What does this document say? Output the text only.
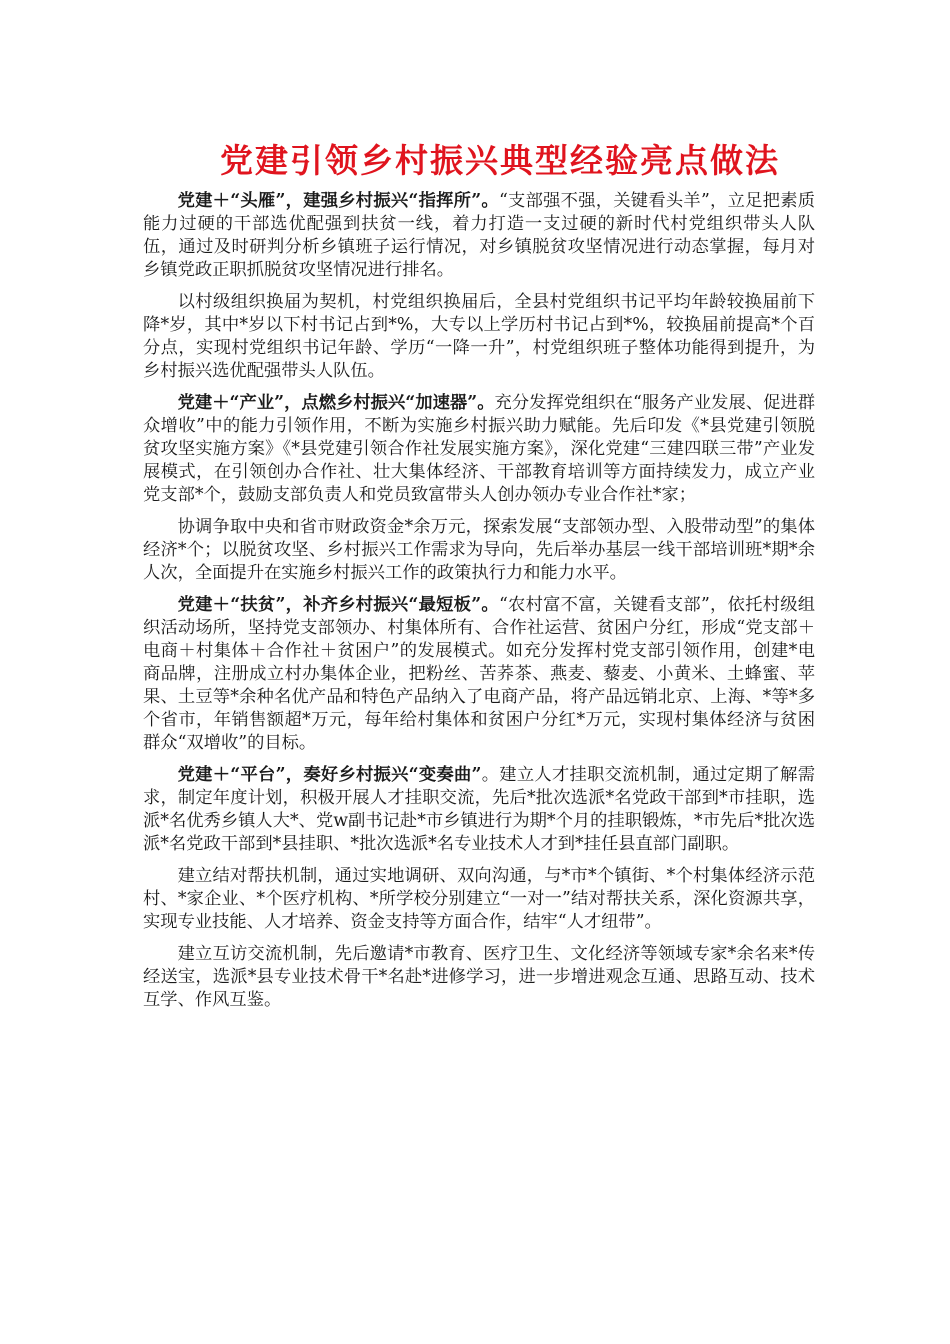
党建引领乡村振兴典型经验亮点做法

党建＋“头雁”，建强乡村振兴“指挥所”。“支部强不强，关键看头羊”，立足把素质能力过硬的干部选优配强到扶贫一线，着力打造一支过硬的新时代村党组织带头人队伍，通过及时研判分析乡镇班子运行情况，对乡镇脱贫攻坚情况进行动态掌握，每月对乡镇党政正职抓脱贫攻坚情况进行排名。

以村级组织换届为契机，村党组织换届后，全县村党组织书记平均年龄较换届前下降*岁，其中*岁以下村书记占到*%，大专以上学历村书记占到*%，较换届前提高*个百分点，实现村党组织书记年龄、学历“一降一升”，村党组织班子整体功能得到提升，为乡村振兴选优配强带头人队伍。

党建＋“产业”，点燃乡村振兴“加速器”。充分发挥党组织在“服务产业发展、促进群众增收”中的能力引领作用，不断为实施乡村振兴助力赋能。先后印发《*县党建引领脱贫攻坚实施方案》《*县党建引领合作社发展实施方案》，深化党建“三建四联三带”产业发展模式，在引领创办合作社、壮大集体经济、干部教育培训等方面持续发力，成立产业党支部*个，鼓励支部负责人和党员致富带头人创办领办专业合作社*家；

协调争取中央和省市财政资金*余万元，探索发展“支部领办型、入股带动型”的集体经济*个；以脱贫攻坚、乡村振兴工作需求为导向，先后举办基层一线干部培训班*期*余人次，全面提升在实施乡村振兴工作的政策执行力和能力水平。

党建＋“扶贫”，补齐乡村振兴“最短板”。“农村富不富，关键看支部”，依托村级组织活动场所，坚持党支部领办、村集体所有、合作社运营、贫困户分红，形成“党支部＋电商＋村集体＋合作社＋贫困户”的发展模式。如充分发挥村党支部引领作用，创建*电商品牌，注册成立村办集体企业，把粉丝、苦荞茶、燕麦、藜麦、小黄米、土蜂蜜、苹果、土豆等*余种名优产品和特色产品纳入了电商产品，将产品远销北京、上海、*等*多个省市，年销售额超*万元，每年给村集体和贫困户分红*万元，实现村集体经济与贫困群众“双增收”的目标。

党建＋“平台”，奏好乡村振兴“变奏曲”。建立人才挂职交流机制，通过定期了解需求，制定年度计划，积极开展人才挂职交流，先后*批次选派*名党政干部到*市挂职，选派*名优秀乡镇人大*、党w副书记赴*市乡镇进行为期*个月的挂职锻炼，*市先后*批次选派*名党政干部到*县挂职、*批次选派*名专业技术人才到*挂任县直部门副职。

建立结对帮扶机制，通过实地调研、双向沟通，与*市*个镇街、*个村集体经济示范村、*家企业、*个医疗机构、*所学校分别建立“一对一”结对帮扶关系，深化资源共享，实现专业技能、人才培养、资金支持等方面合作，结牢“人才纽带”。

建立互访交流机制，先后邀请*市教育、医疗卫生、文化经济等领域专家*余名来*传经送宝，选派*县专业技术骨干*名赴*进修学习，进一步增进观念互通、思路互动、技术互学、作风互鉴。
